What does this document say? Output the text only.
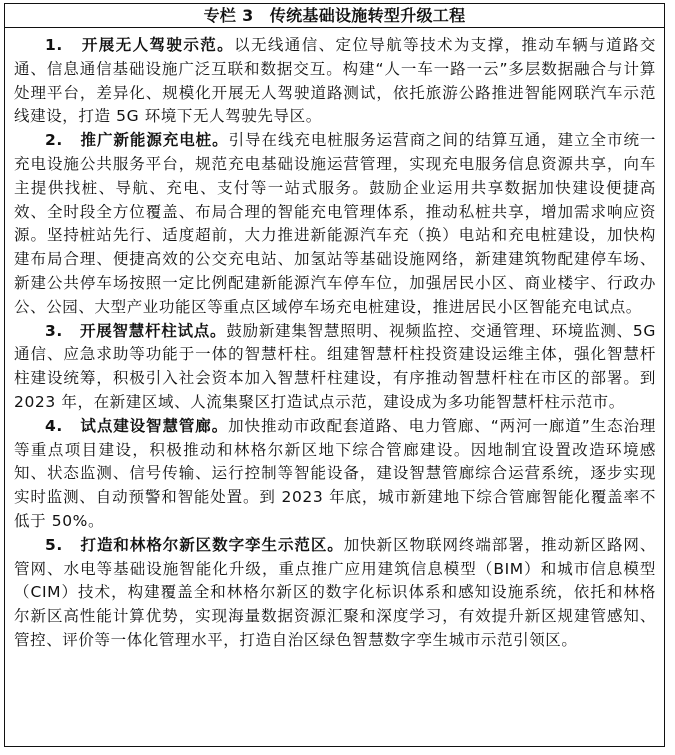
专栏 3　传统基础设施转型升级工程

1. 开展无人驾驶示范。以无线通信、定位导航等技术为支撑，推动车辆与道路交通、信息通信基础设施广泛互联和数据交互。构建“人一车一路一云”多层数据融合与计算处理平台，差异化、规模化开展无人驾驶道路测试，依托旅游公路推进智能网联汽车示范线建设，打造 5G 环境下无人驾驶先导区。

2. 推广新能源充电桩。引导在线充电桩服务运营商之间的结算互通，建立全市统一充电设施公共服务平台，规范充电基础设施运营管理，实现充电服务信息资源共享，向车主提供找桩、导航、充电、支付等一站式服务。鼓励企业运用共享数据加快建设便捷高效、全时段全方位覆盖、布局合理的智能充电管理体系，推动私桩共享，增加需求响应资源。坚持桩站先行、适度超前，大力推进新能源汽车充（换）电站和充电桩建设，加快构建布局合理、便捷高效的公交充电站、加氢站等基础设施网络，新建建筑物配建停车场、新建公共停车场按照一定比例配建新能源汽车停车位，加强居民小区、商业楼宇、行政办公、公园、大型产业功能区等重点区域停车场充电桩建设，推进居民小区智能充电试点。

3. 开展智慧杆柱试点。鼓励新建集智慧照明、视频监控、交通管理、环境监测、5G 通信、应急求助等功能于一体的智慧杆柱。组建智慧杆柱投资建设运维主体，强化智慧杆柱建设统筹，积极引入社会资本加入智慧杆柱建设，有序推动智慧杆柱在市区的部署。到 2023 年，在新建区域、人流集聚区打造试点示范，建设成为多功能智慧杆柱示范市。

4. 试点建设智慧管廊。加快推动市政配套道路、电力管廊、“两河一廊道”生态治理等重点项目建设，积极推动和林格尔新区地下综合管廊建设。因地制宜设置改造环境感知、状态监测、信号传输、运行控制等智能设备，建设智慧管廊综合运营系统，逐步实现实时监测、自动预警和智能处置。到 2023 年底，城市新建地下综合管廊智能化覆盖率不低于 50%。

5. 打造和林格尔新区数字孪生示范区。加快新区物联网终端部署，推动新区路网、管网、水电等基础设施智能化升级，重点推广应用建筑信息模型（BIM）和城市信息模型（CIM）技术，构建覆盖全和林格尔新区的数字化标识体系和感知设施系统，依托和林格尔新区高性能计算优势，实现海量数据资源汇聚和深度学习，有效提升新区规建管感知、管控、评价等一体化管理水平，打造自治区绿色智慧数字孪生城市示范引领区。
